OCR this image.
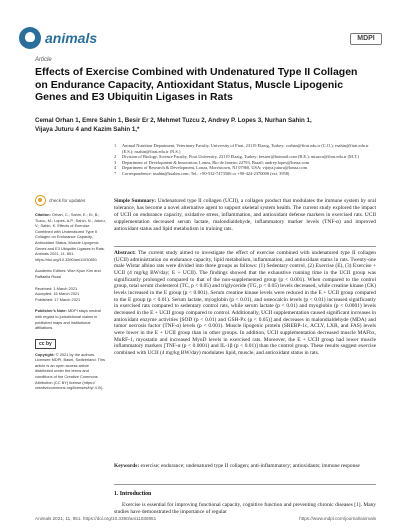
animals	MDPI
Article
Effects of Exercise Combined with Undenatured Type II Collagen on Endurance Capacity, Antioxidant Status, Muscle Lipogenic Genes and E3 Ubiquitin Ligases in Rats
Cemal Orhan 1, Emre Sahin 1, Besir Er 2, Mehmet Tuzcu 2, Andrey P. Lopes 3, Nurhan Sahin 1,
Vijaya Juturu 4 and Kazim Sahin 1,*
1	Animal Nutrition Department, Veterinary Faculty, University of Firat, 23119 Elazig, Turkey; corhan@firat.edu.tr (C.O.); esahin@firat.edu.tr (E.S.); nsahin@firat.edu.tr (N.S.)
2	Division of Biology, Science Faculty, Firat University, 23119 Elazig, Turkey; besirer@hotmail.com (B.E.); mtuzcu@firat.edu.tr (M.T.)
3	Department of Development & Innovation, Lonza, Rio de Janeiro 22793, Brazil; andrey.lopes@lonza.com
4	Department of Research & Development, Lonza, Morristown, NJ 07960, USA; vijaya.juturu@lonza.com
*	Correspondence: nsahin@ksahin.com; Tel.: +90-532-7473506 or +90-424-2370000 (ext. 3958)
check for updates
Citation: Orhan, C.; Sahin, E.; Er, B.; Tuzcu, M.; Lopes, A.P.; Sahin, N.; Juturu, V.; Sahin, K. Effects of Exercise Combined with Undenatured Type II Collagen on Endurance Capacity, Antioxidant Status, Muscle Lipogenic Genes and E3 Ubiquitin Ligases in Rats. Animals 2021, 11, 851. https://doi.org/10.3390/ani11030851
Academic Editors: Won Kyun Kim and Raffaella Rossi
Received: 1 March 2021
Accepted: 16 March 2021
Published: 17 March 2021
Publisher's Note: MDPI stays neutral with regard to jurisdictional claims in published maps and institutional affiliations.
cc by
Copyright: © 2021 by the authors. Licensee MDPI, Basel, Switzerland. This article is an open access article distributed under the terms and conditions of the Creative Commons Attribution (CC BY) license (https:// creativecommons.org/licenses/by/ 4.0/).
Simple Summary: Undenatured type II collagen (UCII), a collagen product that modulates the immune system by oral tolerance, has become a novel alternative agent to support skeletal system health. The current study explored the impact of UCII on endurance capacity, oxidative stress, inflammation, and antioxidant defense markers in exercised rats. UCII supplementation decreased serum lactate, malondialdehyde, inflammatory marker levels (TNF-α) and improved antioxidant status and lipid metabolism in training rats.
Abstract: The current study aimed to investigate the effect of exercise combined with undenatured type II collagen (UCII) administration on endurance capacity, lipid metabolism, inflammation, and antioxidant status in rats. Twenty-one male Wistar albino rats were divided into three groups as follows: (1) Sedentary control, (2) Exercise (E), (3) Exercise + UCII (4 mg/kg BW/day; E + UCII). The findings showed that the exhaustive running time in the UCII group was significantly prolonged compared to that of the non-supplemented group (p < 0.001). When compared to the control group, total serum cholesterol (TC, p < 0.05) and triglyceride (TG, p < 0.05) levels decreased, while creatine kinase (CK) levels increased in the E group (p < 0.001). Serum creatine kinase levels were reduced in the E + UCII group compared to the E group (p < 0.01). Serum lactate, myoglobin (p < 0.01), and osteocalcin levels (p < 0.01) increased significantly in exercised rats compared to sedentary control rats, while serum lactate (p < 0.01) and myoglobin (p < 0.0001) levels decreased in the E + UCII group compared to control. Additionally, UCII supplementation caused significant increases in antioxidant enzyme activities [SOD (p < 0.01) and GSH-Px (p < 0.05)] and decreases in malondialdehyde (MDA) and tumor necrosis factor (TNF-α) levels (p < 0.001). Muscle lipogenic protein (SREBP-1c, ACLY, LXR, and FAS) levels were lower in the E + UCII group than in other groups. In addition, UCII supplementation decreased muscle MAFbx, MuRF-1, myostatin and increased MyoD levels in exercised rats. Moreover, the E + UCII group had lower muscle inflammatory markers [TNF-α (p < 0.0001) and IL-1β (p < 0.01)] than the control group. These results suggest exercise combined with UCII (4 mg/kg BW/day) modulates lipid, muscle, and antioxidant status in rats.
Keywords: exercise; endurance; undenatured type II collagen; anti-inflammatory; antioxidants; immune response
1. Introduction
Exercise is essential for improving functional capacity, cognitive function and preventing chronic diseases [1]. Many studies have demonstrated the importance of regular
Animals 2021, 11, 851. https://doi.org/10.3390/ani11030851	https://www.mdpi.com/journal/animals
